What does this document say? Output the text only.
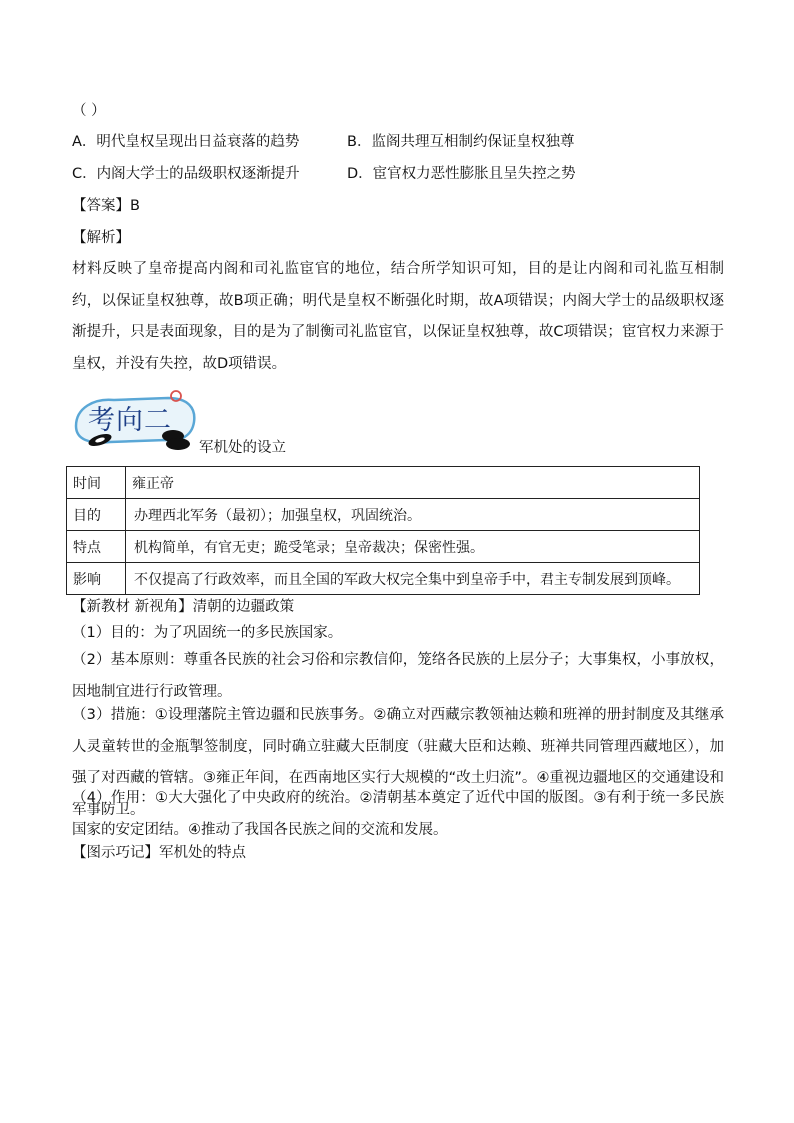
（ ）
A．明代皇权呈现出日益衰落的趋势	B．监阁共理互相制约保证皇权独尊
C．内阁大学士的品级职权逐渐提升	D．宦官权力恶性膨胀且呈失控之势
【答案】B
【解析】
材料反映了皇帝提高内阁和司礼监宦官的地位，结合所学知识可知，目的是让内阁和司礼监互相制约，以保证皇权独尊，故B项正确；明代是皇权不断强化时期，故A项错误；内阁大学士的品级职权逐渐提升，只是表面现象，目的是为了制衡司礼监宦官，以保证皇权独尊，故C项错误；宦官权力来源于皇权，并没有失控，故D项错误。
考向二
军机处的设立
时间	雍正帝
目的	办理西北军务（最初）；加强皇权，巩固统治。
特点	机构简单，有官无吏；跪受笔录；皇帝裁决；保密性强。
影响	不仅提高了行政效率，而且全国的军政大权完全集中到皇帝手中，君主专制发展到顶峰。
【新教材 新视角】清朝的边疆政策
（1）目的：为了巩固统一的多民族国家。
（2）基本原则：尊重各民族的社会习俗和宗教信仰，笼络各民族的上层分子；大事集权，小事放权，因地制宜进行行政管理。
（3）措施：①设理藩院主管边疆和民族事务。②确立对西藏宗教领袖达赖和班禅的册封制度及其继承人灵童转世的金瓶掣签制度，同时确立驻藏大臣制度（驻藏大臣和达赖、班禅共同管理西藏地区），加强了对西藏的管辖。③雍正年间，在西南地区实行大规模的“改土归流”。④重视边疆地区的交通建设和军事防卫。
（4）作用：①大大强化了中央政府的统治。②清朝基本奠定了近代中国的版图。③有利于统一多民族国家的安定团结。④推动了我国各民族之间的交流和发展。
【图示巧记】军机处的特点
